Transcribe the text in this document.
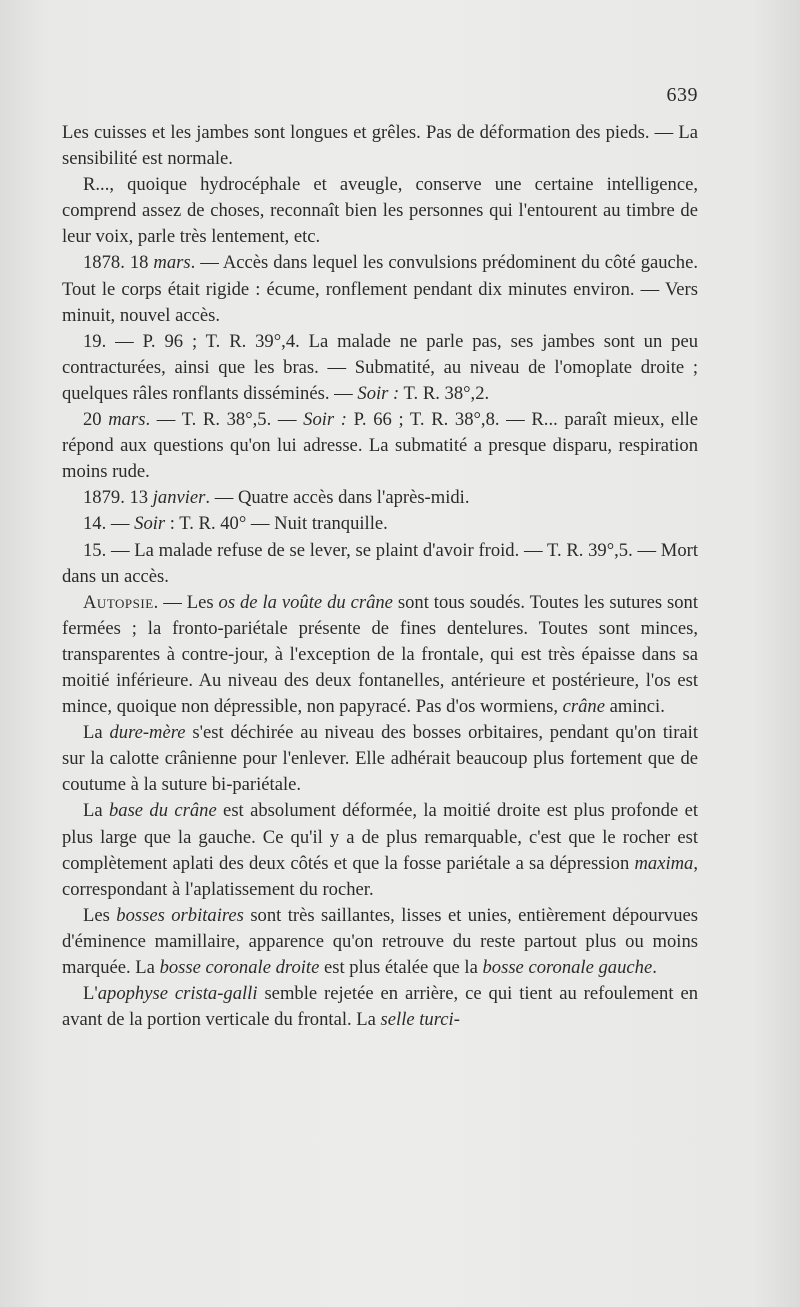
639

Les cuisses et les jambes sont longues et grêles. Pas de déformation des pieds. — La sensibilité est normale.

R..., quoique hydrocéphale et aveugle, conserve une certaine intelligence, comprend assez de choses, reconnaît bien les personnes qui l'entourent au timbre de leur voix, parle très lentement, etc.

1878. 18 mars. — Accès dans lequel les convulsions prédominent du côté gauche. Tout le corps était rigide : écume, ronflement pendant dix minutes environ. — Vers minuit, nouvel accès.

19. — P. 96 ; T. R. 39°,4. La malade ne parle pas, ses jambes sont un peu contracturées, ainsi que les bras. — Submatité, au niveau de l'omoplate droite ; quelques râles ronflants disséminés. — Soir : T. R. 38°,2.

20 mars. — T. R. 38°,5. — Soir : P. 66 ; T. R. 38°,8. — R... paraît mieux, elle répond aux questions qu'on lui adresse. La submatité a presque disparu, respiration moins rude.

1879. 13 janvier. — Quatre accès dans l'après-midi.

14. — Soir : T. R. 40° — Nuit tranquille.

15. — La malade refuse de se lever, se plaint d'avoir froid. — T. R. 39°,5. — Mort dans un accès.

Autopsie. — Les os de la voûte du crâne sont tous soudés. Toutes les sutures sont fermées ; la fronto-pariétale présente de fines dentelures. Toutes sont minces, transparentes à contre-jour, à l'exception de la frontale, qui est très épaisse dans sa moitié inférieure. Au niveau des deux fontanelles, antérieure et postérieure, l'os est mince, quoique non dépressible, non papyracé. Pas d'os wormiens, crâne aminci.

La dure-mère s'est déchirée au niveau des bosses orbitaires, pendant qu'on tirait sur la calotte crânienne pour l'enlever. Elle adhérait beaucoup plus fortement que de coutume à la suture bi-pariétale.

La base du crâne est absolument déformée, la moitié droite est plus profonde et plus large que la gauche. Ce qu'il y a de plus remarquable, c'est que le rocher est complètement aplati des deux côtés et que la fosse pariétale a sa dépression maxima, correspondant à l'aplatissement du rocher.

Les bosses orbitaires sont très saillantes, lisses et unies, entièrement dépourvues d'éminence mamillaire, apparence qu'on retrouve du reste partout plus ou moins marquée. La bosse coronale droite est plus étalée que la bosse coronale gauche.

L'apophyse crista-galli semble rejetée en arrière, ce qui tient au refoulement en avant de la portion verticale du frontal. La selle turci-
